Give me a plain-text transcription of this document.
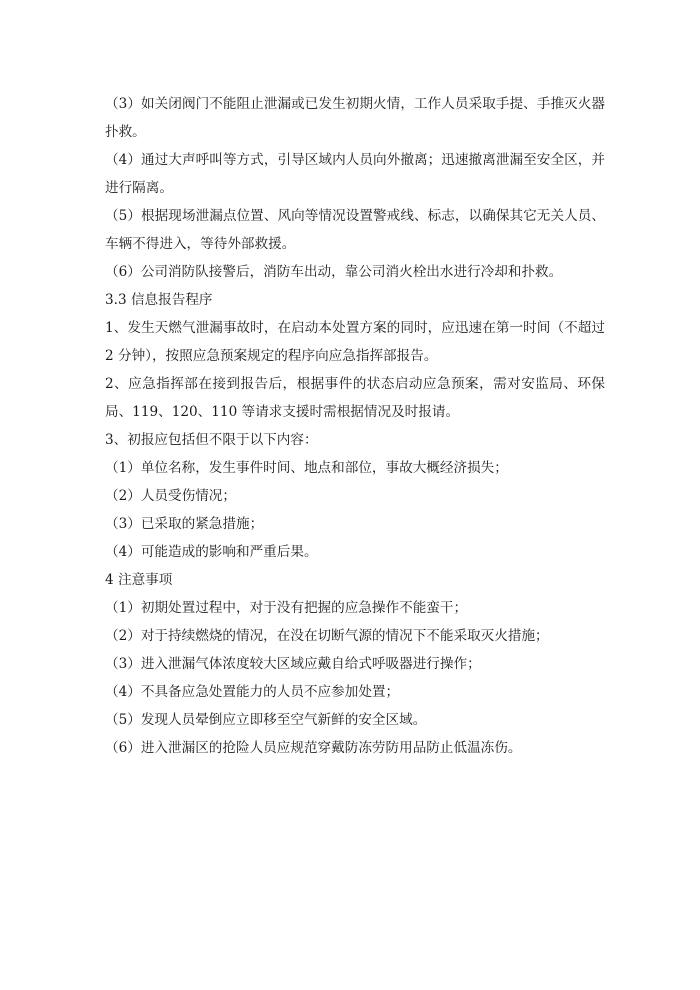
（3）如关闭阀门不能阻止泄漏或已发生初期火情，工作人员采取手提、手推灭火器扑救。

（4）通过大声呼叫等方式，引导区域内人员向外撤离；迅速撤离泄漏至安全区，并进行隔离。

（5）根据现场泄漏点位置、风向等情况设置警戒线、标志，以确保其它无关人员、车辆不得进入，等待外部救援。

（6）公司消防队接警后，消防车出动，靠公司消火栓出水进行冷却和扑救。

3.3 信息报告程序

1、发生天燃气泄漏事故时，在启动本处置方案的同时，应迅速在第一时间（不超过 2 分钟），按照应急预案规定的程序向应急指挥部报告。

2、应急指挥部在接到报告后，根据事件的状态启动应急预案，需对安监局、环保局、119、120、110 等请求支援时需根据情况及时报请。

3、初报应包括但不限于以下内容：

（1）单位名称，发生事件时间、地点和部位，事故大概经济损失；

（2）人员受伤情况；

（3）已采取的紧急措施；

（4）可能造成的影响和严重后果。

4 注意事项

（1）初期处置过程中，对于没有把握的应急操作不能蛮干；

（2）对于持续燃烧的情况，在没在切断气源的情况下不能采取灭火措施；

（3）进入泄漏气体浓度较大区域应戴自给式呼吸器进行操作；

（4）不具备应急处置能力的人员不应参加处置；

（5）发现人员晕倒应立即移至空气新鲜的安全区域。

（6）进入泄漏区的抢险人员应规范穿戴防冻劳防用品防止低温冻伤。
